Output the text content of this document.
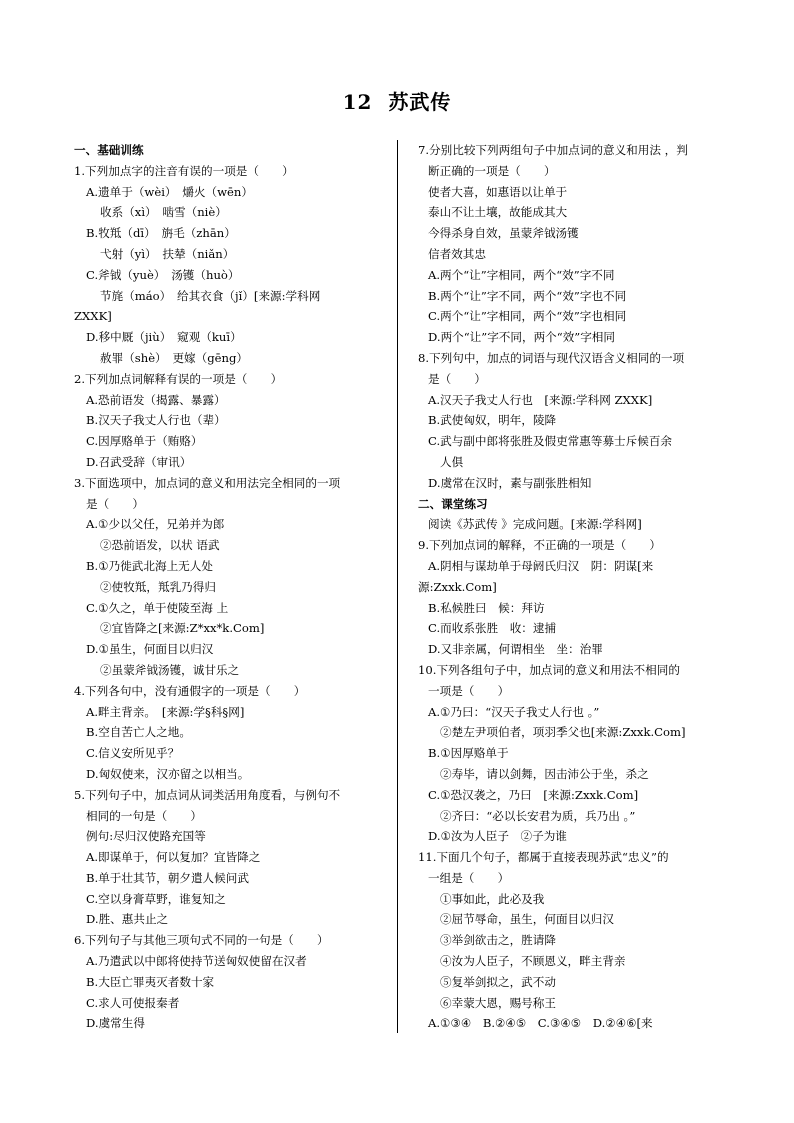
12 苏武传
一、基础训练
1.下列加点字的注音有误的一项是（　　）
A.遗单于（wèi）　爝火（wēn）
收系（xì）　啮雪（niè）
B.牧羝（dī）　旃毛（zhān）
弋射（yì）　扶辇（niǎn）
C.斧钺（yuè）　汤镬（huò）
节旄（máo）　给其衣食（jǐ）[来源:学科网
ZXXK]
D.移中厩（jiù）　窥观（kuī）
赦罪（shè）　更嫁（gēng）
2.下列加点词解释有误的一项是（　　）
A.恐前语发（揭露、暴露）
B.汉天子我丈人行也（辈）
C.因厚赂单于（贿赂）
D.召武受辞（审讯）
3.下面选项中，加点词的意义和用法完全相同的一项
是（　　）
A.①少以父任，兄弟并为郎
②恐前语发，以状 语武
B.①乃徙武北海上无人处
②使牧羝，羝乳乃得归
C.①久之，单于使陵至海 上
②宜皆降之[来源:Z*xx*k.Com]
D.①虽生，何面目以归汉
②虽蒙斧钺汤镬，诚甘乐之
4.下列各句中，没有通假字的一项是（　　）
A.畔主背亲。　[来源:学§科§网]
B.空自苦亡人之地。
C.信义安所见乎？
D.匈奴使来，汉亦留之以相当。
5.下列句子中，加点词从词类活用角度看，与例句不
相同的一句是（　　）
例句:尽归汉使路充国等
A.即谋单于，何以复加？宜皆降之
B.单于壮其节，朝夕遣人候问武
C.空以身膏草野，谁复知之
D.胜、惠共止之
6.下列句子与其他三项句式不同的一句是（　　）
A.乃遣武以中郎将使持节送匈奴使留在汉者
B.大臣亡罪夷灭者数十家
C.求人可使报秦者
D.虞常生得
7.分别比较下列两组句子中加点词的意义和用法 ，判
断正确的一项是（　　）
使者大喜，如惠语以让单于
泰山不让土壤，故能成其大
今得杀身自效，虽蒙斧钺汤镬
信者效其忠
A.两个“让”字相同，两个“效”字不同
B.两个“让”字不同，两个“效”字也不同
C.两个“让”字相同，两个“效”字也相同
D.两个“让”字不同，两个“效”字相同
8.下列句中，加点的词语与现代汉语含义相同的一项
是（　　）
A.汉天子我丈人行也　[来源:学科网 ZXXK]
B.武使匈奴，明年，陵降
C.武与副中郎将张胜及假吏常惠等募士斥候百余
人俱
D.虞常在汉时，素与副张胜相知
二、课堂练习
阅读《苏武传 》完成问题。[来源:学科网]
9.下列加点词的解释，不正确的一项是（　　）
A.阴相与谋劫单于母阏氏归汉　阴：阴谋[来
源:Zxxk.Com]
B.私候胜曰　候：拜访
C.而收系张胜　收：逮捕
D.又非亲属，何谓相坐　坐：治罪
10.下列各组句子中，加点词的意义和用法不相同的
一项是（　　）
A.①乃曰：“汉天子我丈人行也 。”
②楚左尹项伯者，项羽季父也[来源:Zxxk.Com]
B.①因厚赂单于
②寿毕，请以剑舞，因击沛公于坐，杀之
C.①恐汉袭之，乃曰　[来源:Zxxk.Com]
②齐曰：“必以长安君为质，兵乃出 。”
D.①汝为人臣子　②子为谁
11.下面几个句子，都属于直接表现苏武“忠义”的
一组是（　　）
①事如此，此必及我
②屈节辱命，虽生，何面目以归汉
③举剑欲击之，胜请降
④汝为人臣子，不顾恩义，畔主背亲
⑤复举剑拟之，武不动
⑥幸蒙大恩，赐号称王
A.①③④　B.②④⑤　C.③④⑤　D.②④⑥[来
